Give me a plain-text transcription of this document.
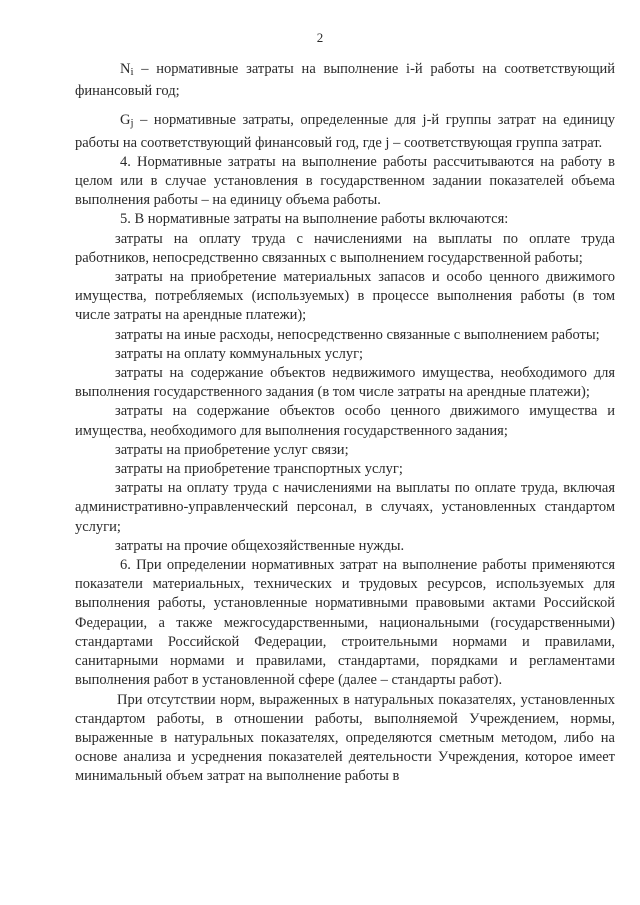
2

Ni – нормативные затраты на выполнение i-й работы на соответствующий финансовый год;

Gj – нормативные затраты, определенные для j-й группы затрат на единицу работы на соответствующий финансовый год, где j – соответствующая группа затрат.

4. Нормативные затраты на выполнение работы рассчитываются на работу в целом или в случае установления в государственном задании показателей объема выполнения работы – на единицу объема работы.

5. В нормативные затраты на выполнение работы включаются:

затраты на оплату труда с начислениями на выплаты по оплате труда работников, непосредственно связанных с выполнением государственной работы;

затраты на приобретение материальных запасов и особо ценного движимого имущества, потребляемых (используемых) в процессе выполнения работы (в том числе затраты на арендные платежи);

затраты на иные расходы, непосредственно связанные с выполнением работы;

затраты на оплату коммунальных услуг;

затраты на содержание объектов недвижимого имущества, необходимого для выполнения государственного задания (в том числе затраты на арендные платежи);

затраты на содержание объектов особо ценного движимого имущества и имущества, необходимого для выполнения государственного задания;

затраты на приобретение услуг связи;

затраты на приобретение транспортных услуг;

затраты на оплату труда с начислениями на выплаты по оплате труда, включая административно-управленческий персонал, в случаях, установленных стандартом услуги;

затраты на прочие общехозяйственные нужды.

6. При определении нормативных затрат на выполнение работы применяются показатели материальных, технических и трудовых ресурсов, используемых для выполнения работы, установленные нормативными правовыми актами Российской Федерации, а также межгосударственными, национальными (государственными) стандартами Российской Федерации, строительными нормами и правилами, санитарными нормами и правилами, стандартами, порядками и регламентами выполнения работ в установленной сфере (далее – стандарты работ).

При отсутствии норм, выраженных в натуральных показателях, установленных стандартом работы, в отношении работы, выполняемой Учреждением, нормы, выраженные в натуральных показателях, определяются сметным методом, либо на основе анализа и усреднения показателей деятельности Учреждения, которое имеет минимальный объем затрат на выполнение работы в
